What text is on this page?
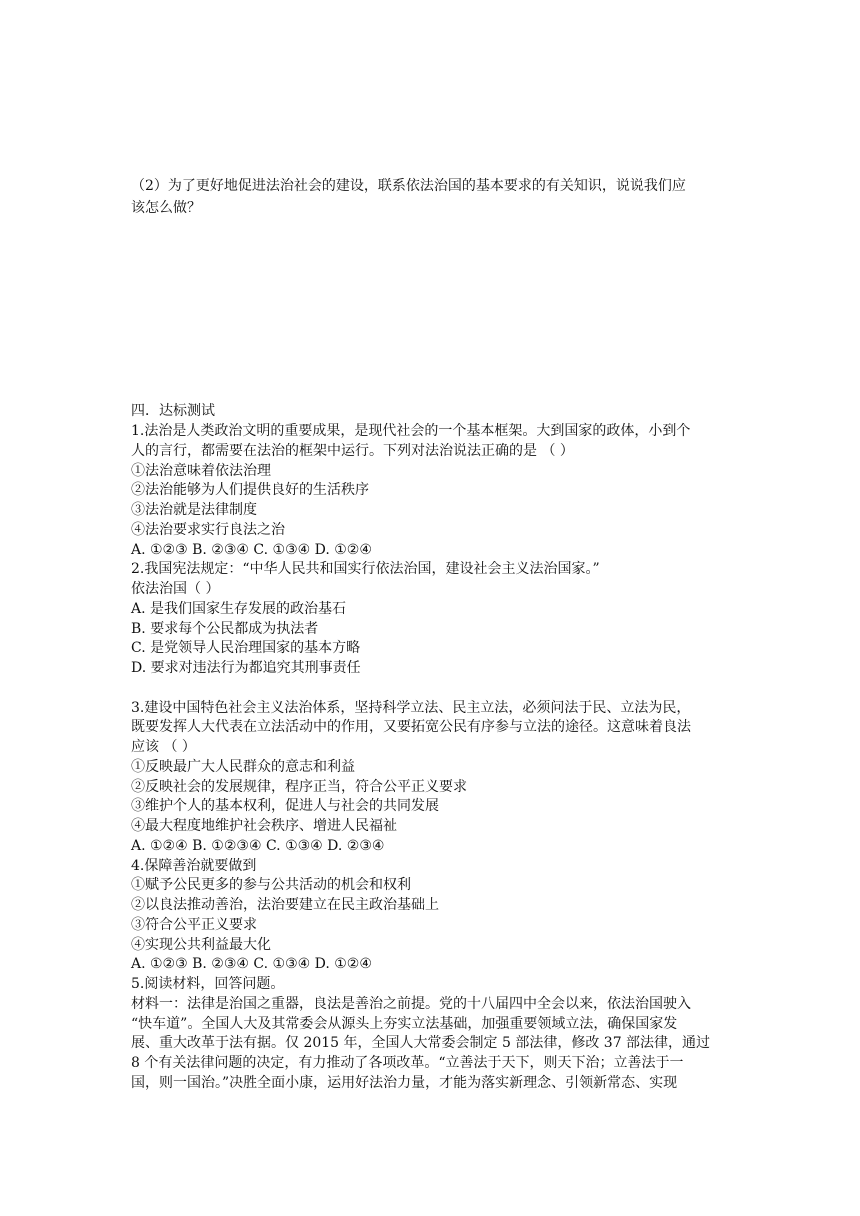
（2）为了更好地促进法治社会的建设，联系依法治国的基本要求的有关知识，说说我们应
该怎么做？
四．达标测试
1.法治是人类政治文明的重要成果，是现代社会的一个基本框架。大到国家的政体，小到个
人的言行，都需要在法治的框架中运行。下列对法治说法正确的是 （ ）
①法治意味着依法治理
②法治能够为人们提供良好的生活秩序
③法治就是法律制度
④法治要求实行良法之治
A. ①②③ B. ②③④ C. ①③④ D. ①②④
2.我国宪法规定：“中华人民共和国实行依法治国，建设社会主义法治国家。”
依法治国（ ）
A. 是我们国家生存发展的政治基石
B. 要求每个公民都成为执法者
C. 是党领导人民治理国家的基本方略
D. 要求对违法行为都追究其刑事责任
3.建设中国特色社会主义法治体系，坚持科学立法、民主立法，必须问法于民、立法为民，
既要发挥人大代表在立法活动中的作用，又要拓宽公民有序参与立法的途径。这意味着良法
应该 （ ）
①反映最广大人民群众的意志和利益
②反映社会的发展规律，程序正当，符合公平正义要求
③维护个人的基本权利，促进人与社会的共同发展
④最大程度地维护社会秩序、增进人民福祉
A. ①②④ B. ①②③④ C. ①③④ D. ②③④
4.保障善治就要做到
①赋予公民更多的参与公共活动的机会和权利
②以良法推动善治，法治要建立在民主政治基础上
③符合公平正义要求
④实现公共利益最大化
A. ①②③ B. ②③④ C. ①③④ D. ①②④
5.阅读材料，回答问题。
材料一：法律是治国之重器，良法是善治之前提。党的十八届四中全会以来，依法治国驶入
“快车道”。全国人大及其常委会从源头上夯实立法基础，加强重要领域立法，确保国家发
展、重大改革于法有据。仅 2015 年，全国人大常委会制定 5 部法律，修改 37 部法律，通过
8 个有关法律问题的决定，有力推动了各项改革。“立善法于天下，则天下治；立善法于一
国，则一国治。”决胜全面小康，运用好法治力量，才能为落实新理念、引领新常态、实现
